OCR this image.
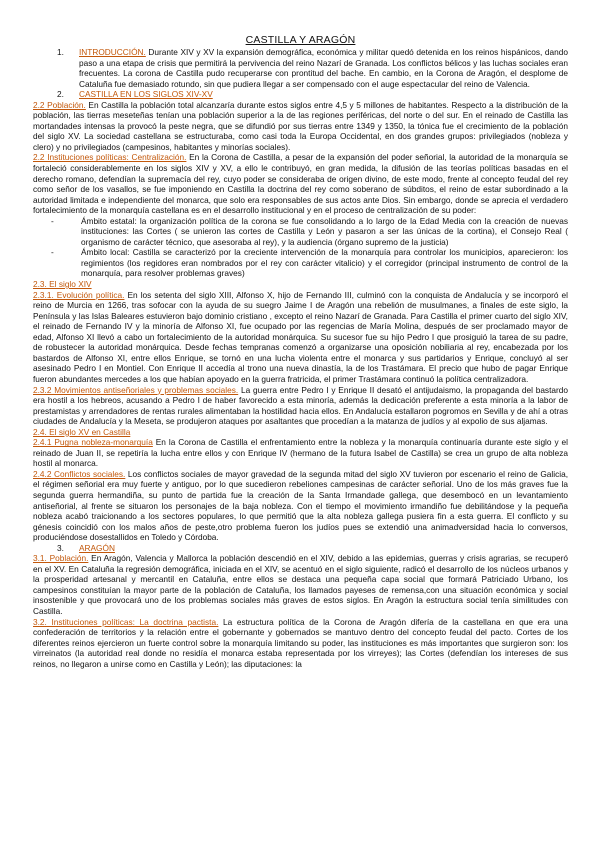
CASTILLA Y ARAGÓN

1. INTRODUCCIÓN. Durante XIV y XV la expansión demográfica, económica y militar quedó detenida en los reinos hispánicos, dando paso a una etapa de crisis que permitirá la pervivencia del reino Nazarí de Granada. Los conflictos bélicos y las luchas sociales eran frecuentes. La corona de Castilla pudo recuperarse con prontitud del bache. En cambio, en la Corona de Aragón, el desplome de Cataluña fue demasiado rotundo, sin que pudiera llegar a ser compensado con el auge espectacular del reino de Valencia.

2. CASTILLA EN LOS SIGLOS XIV-XV

2.2 Población. En Castilla la población total alcanzaría durante estos siglos entre 4,5 y 5 millones de habitantes. Respecto a la distribución de la población, las tierras meseteñas tenían una población superior a la de las regiones periféricas, del norte o del sur. En el reinado de Castilla las mortandades intensas la provocó la peste negra, que se difundió por sus tierras entre 1349 y 1350, la tónica fue el crecimiento de la población del siglo XV. La sociedad castellana se estructuraba, como casi toda la Europa Occidental, en dos grandes grupos: privilegiados (nobleza y clero) y no privilegiados (campesinos, habitantes y minorías sociales).

2.2 Instituciones políticas: Centralización. En la Corona de Castilla, a pesar de la expansión del poder señorial, la autoridad de la monarquía se fortaleció considerablemente en los siglos XIV y XV, a ello le contribuyó, en gran medida, la difusión de las teorías políticas basadas en el derecho romano, defendían la supremacía del rey, cuyo poder se consideraba de origen divino, de este modo, frente al concepto feudal del rey como señor de los vasallos, se fue imponiendo en Castilla la doctrina del rey como soberano de súbditos, el reino de estar subordinado a la autoridad limitada e independiente del monarca, que solo era responsables de sus actos ante Dios. Sin embargo, donde se aprecia el verdadero fortalecimiento de la monarquía castellana es en el desarrollo institucional y en el proceso de centralización de su poder:

-	Ámbito estatal: la organización política de la corona se fue consolidando a lo largo de la Edad Media con la creación de nuevas instituciones: las Cortes ( se unieron las cortes de Castilla y León y pasaron a ser las únicas de la cortina), el Consejo Real ( organismo de carácter técnico, que asesoraba al rey), y la audiencia (órgano supremo de la justicia)

-	Ámbito local: Castilla se caracterizó por la creciente intervención de la monarquía para controlar los municipios, aparecieron: los regimientos (los regidores eran nombrados por el rey con carácter vitalicio) y el corregidor (principal instrumento de control de la monarquía, para resolver problemas graves)

2.3. El siglo XIV

2.3.1. Evolución política. En los setenta del siglo XIII, Alfonso X, hijo de Fernando III, culminó con la conquista de Andalucía y se incorporó el reino de Murcia en 1266, tras sofocar con la ayuda de su suegro Jaime I de Aragón una rebelión de musulmanes, a finales de este siglo, la Península y las Islas Baleares estuvieron bajo dominio cristiano , excepto el reino Nazarí de Granada. Para Castilla el primer cuarto del siglo XIV, el reinado de Fernando IV y la minoría de Alfonso XI, fue ocupado por las regencias de María Molina, después de ser proclamado mayor de edad, Alfonso XI llevó a cabo un fortalecimiento de la autoridad monárquica. Su sucesor fue su hijo Pedro I que prosiguió la tarea de su padre, de robustecer la autoridad monárquica. Desde fechas tempranas comenzó a organizarse una oposición nobiliaria al rey, encabezada por los bastardos de Alfonso XI, entre ellos Enrique, se tornó en una lucha violenta entre el monarca y sus partidarios y Enrique, concluyó al ser asesinado Pedro I en Montiel. Con Enrique II accedía al trono una nueva dinastía, la de los Trastámara. El precio que hubo de pagar Enrique fueron abundantes mercedes a los que habían apoyado en la guerra fratricida, el primer Trastámara continuó la política centralizadora.

2.3.2 Movimientos antiseñoriales y problemas sociales. La guerra entre Pedro I y Enrique II desató el antijudaismo, la propaganda del bastardo era hostil a los hebreos, acusando a Pedro I de haber favorecido a esta minoría, además la dedicación preferente a esta minoría a la labor de prestamistas y arrendadores de rentas rurales alimentaban la hostilidad hacia ellos. En Andalucía estallaron pogromos en Sevilla y de ahí a otras ciudades de Andalucía y la Meseta, se produjeron ataques por asaltantes que procedían a la matanza de judíos y al expolio de sus aljamas.

2.4. El siglo XV en Castilla

2.4.1 Pugna nobleza-monarquía En la Corona de Castilla el enfrentamiento entre la nobleza y la monarquía continuaría durante este siglo y el reinado de Juan II, se repetiría la lucha entre ellos y con Enrique IV (hermano de la futura Isabel de Castilla) se crea un grupo de alta nobleza hostil al monarca.

2.4.2 Conflictos sociales. Los conflictos sociales de mayor gravedad de la segunda mitad del siglo XV tuvieron por escenario el reino de Galicia, el régimen señorial era muy fuerte y antiguo, por lo que sucedieron rebeliones campesinas de carácter señorial. Uno de los más graves fue la segunda guerra hermandiña, su punto de partida fue la creación de la Santa Irmandade gallega, que desembocó en un levantamiento antiseñorial, al frente se situaron los personajes de la baja nobleza. Con el tiempo el movimiento irmandiño fue debilitándose y la pequeña nobleza acabó traicionando a los sectores populares, lo que permitió que la alta nobleza gallega pusiera fin a esta guerra. El conflicto y su génesis coincidió con los malos años de peste,otro problema fueron los judíos pues se extendió una animadversidad hacia lo conversos, produciéndose dosestallidos en Toledo y Córdoba.

3. ARAGÓN

3.1. Población. En Aragón, Valencia y Mallorca la población descendió en el XIV, debido a las epidemias, guerras y crisis agrarias, se recuperó en el XV. En Cataluña la regresión demográfica, iniciada en el XIV, se acentuó en el siglo siguiente, radicó el desarrollo de los núcleos urbanos y la prosperidad artesanal y mercantil en Cataluña, entre ellos se destaca una pequeña capa social que formará Patriciado Urbano, los campesinos constituían la mayor parte de la población de Cataluña, los llamados payeses de remensa,con una situación económica y social insostenible y que provocará uno de los problemas sociales más graves de estos siglos. En Aragón la estructura social tenía similitudes con Castilla.

3.2. Instituciones políticas: La doctrina pactista. La estructura política de la Corona de Aragón difería de la castellana en que era una confederación de territorios y la relación entre el gobernante y gobernados se mantuvo dentro del concepto feudal del pacto. Cortes de los diferentes reinos ejercieron un fuerte control sobre la monarquía limitando su poder, las instituciones es más importantes que surgieron son: los virreinatos (la autoridad real donde no residía el monarca estaba representada por los virreyes); las Cortes (defendían los intereses de sus reinos, no llegaron a unirse como en Castilla y León); las diputaciones: la
